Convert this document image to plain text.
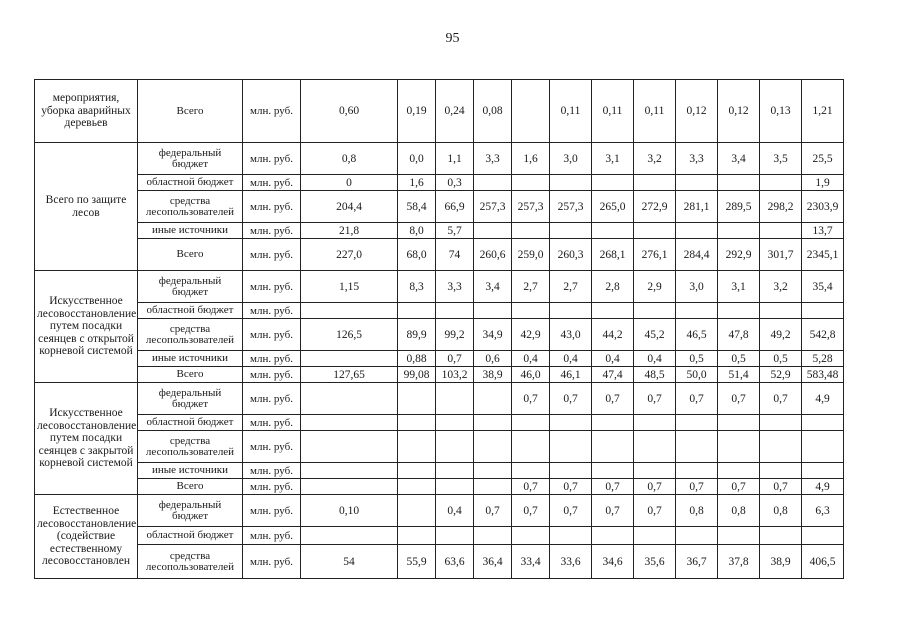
95
мероприятия, уборка аварийных деревьев	Всего	млн. руб.	0,60	0,19	0,24	0,08		0,11	0,11	0,11	0,12	0,12	0,13	1,21
Всего по защите лесов	федеральный бюджет	млн. руб.	0,8	0,0	1,1	3,3	1,6	3,0	3,1	3,2	3,3	3,4	3,5	25,5
	областной бюджет	млн. руб.	0	1,6	0,3									1,9
	средства лесопользователей	млн. руб.	204,4	58,4	66,9	257,3	257,3	257,3	265,0	272,9	281,1	289,5	298,2	2303,9
	иные источники	млн. руб.	21,8	8,0	5,7									13,7
	Всего	млн. руб.	227,0	68,0	74	260,6	259,0	260,3	268,1	276,1	284,4	292,9	301,7	2345,1
Искусственное лесовосстановление путем посадки сеянцев с открытой корневой системой	федеральный бюджет	млн. руб.	1,15	8,3	3,3	3,4	2,7	2,7	2,8	2,9	3,0	3,1	3,2	35,4
	областной бюджет	млн. руб.												
	средства лесопользователей	млн. руб.	126,5	89,9	99,2	34,9	42,9	43,0	44,2	45,2	46,5	47,8	49,2	542,8
	иные источники	млн. руб.		0,88	0,7	0,6	0,4	0,4	0,4	0,4	0,5	0,5	0,5	5,28
	Всего	млн. руб.	127,65	99,08	103,2	38,9	46,0	46,1	47,4	48,5	50,0	51,4	52,9	583,48
Искусственное лесовосстановление путем посадки сеянцев с закрытой корневой системой	федеральный бюджет	млн. руб.					0,7	0,7	0,7	0,7	0,7	0,7	0,7	4,9
	областной бюджет	млн. руб.												
	средства лесопользователей	млн. руб.												
	иные источники	млн. руб.												
	Всего	млн. руб.					0,7	0,7	0,7	0,7	0,7	0,7	0,7	4,9
Естественное лесовосстановление (содействие естественному лесовосстановлен	федеральный бюджет	млн. руб.	0,10		0,4	0,7	0,7	0,7	0,7	0,7	0,8	0,8	0,8	6,3
	областной бюджет	млн. руб.												
	средства лесопользователей	млн. руб.	54	55,9	63,6	36,4	33,4	33,6	34,6	35,6	36,7	37,8	38,9	406,5
